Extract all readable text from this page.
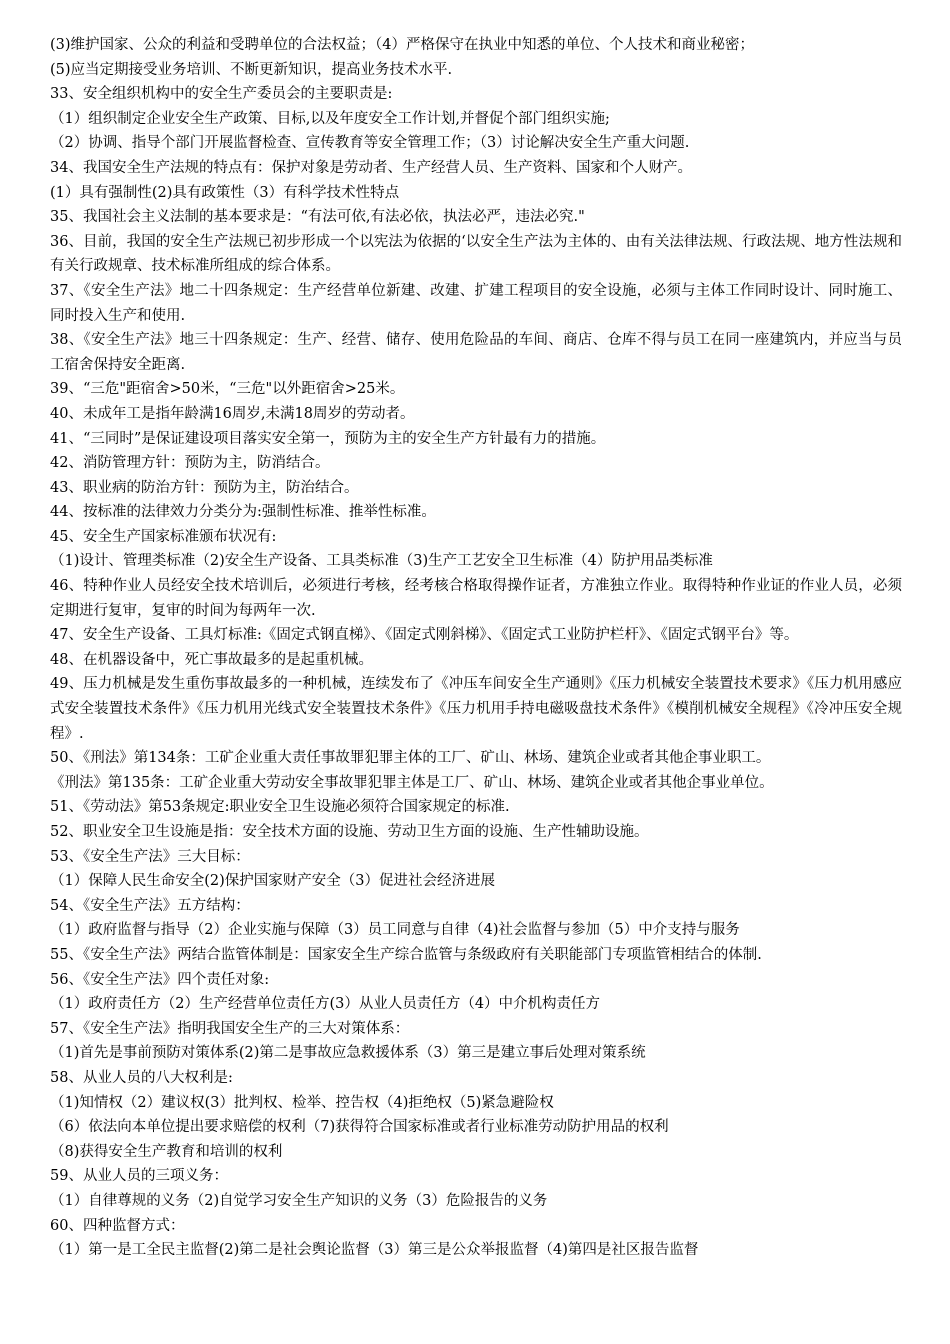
(3)维护国家、公众的利益和受聘单位的合法权益；（4）严格保守在执业中知悉的单位、个人技术和商业秘密；
(5)应当定期接受业务培训、不断更新知识，提高业务技术水平.
33、安全组织机构中的安全生产委员会的主要职责是:
（1）组织制定企业安全生产政策、目标,以及年度安全工作计划,并督促个部门组织实施;
（2）协调、指导个部门开展监督检查、宣传教育等安全管理工作；（3）讨论解决安全生产重大问题.
34、我国安全生产法规的特点有：保护对象是劳动者、生产经营人员、生产资料、国家和个人财产。
(1）具有强制性(2)具有政策性（3）有科学技术性特点
35、我国社会主义法制的基本要求是：“有法可依,有法必依，执法必严，违法必究."
36、目前，我国的安全生产法规已初步形成一个以宪法为依据的‘以安全生产法为主体的、由有关法律法规、行政法规、地方性法规和有关行政规章、技术标准所组成的综合体系。
37、《安全生产法》地二十四条规定：生产经营单位新建、改建、扩建工程项目的安全设施，必须与主体工作同时设计、同时施工、同时投入生产和使用.
38、《安全生产法》地三十四条规定：生产、经营、储存、使用危险品的车间、商店、仓库不得与员工在同一座建筑内，并应当与员工宿舍保持安全距离.
39、“三危"距宿舍>50米，“三危"以外距宿舍>25米。
40、未成年工是指年龄满16周岁,未满18周岁的劳动者。
41、“三同时”是保证建设项目落实安全第一，预防为主的安全生产方针最有力的措施。
42、消防管理方针：预防为主，防消结合。
43、职业病的防治方针：预防为主，防治结合。
44、按标准的法律效力分类分为:强制性标准、推举性标准。
45、安全生产国家标准颁布状况有:
（1)设计、管理类标准（2)安全生产设备、工具类标准（3)生产工艺安全卫生标准（4）防护用品类标准
46、特种作业人员经安全技术培训后，必须进行考核，经考核合格取得操作证者，方准独立作业。取得特种作业证的作业人员，必须定期进行复审，复审的时间为每两年一次.
47、安全生产设备、工具灯标准:《固定式钢直梯》、《固定式刚斜梯》、《固定式工业防护栏杆》、《固定式钢平台》等。
48、在机器设备中，死亡事故最多的是起重机械。
49、压力机械是发生重伤事故最多的一种机械，连续发布了《冲压车间安全生产通则》《压力机械安全装置技术要求》《压力机用感应式安全装置技术条件》《压力机用光线式安全装置技术条件》《压力机用手持电磁吸盘技术条件》《模削机械安全规程》《冷冲压安全规程》.
50、《刑法》第134条：工矿企业重大责任事故罪犯罪主体的工厂、矿山、林场、建筑企业或者其他企事业职工。
《刑法》第135条：工矿企业重大劳动安全事故罪犯罪主体是工厂、矿山、林场、建筑企业或者其他企事业单位。
51、《劳动法》第53条规定:职业安全卫生设施必须符合国家规定的标准.
52、职业安全卫生设施是指：安全技术方面的设施、劳动卫生方面的设施、生产性辅助设施。
53、《安全生产法》三大目标：
（1）保障人民生命安全(2)保护国家财产安全（3）促进社会经济进展
54、《安全生产法》五方结构：
（1）政府监督与指导（2）企业实施与保障（3）员工同意与自律（4)社会监督与参加（5）中介支持与服务
55、《安全生产法》两结合监管体制是：国家安全生产综合监管与条级政府有关职能部门专项监管相结合的体制.
56、《安全生产法》四个责任对象:
（1）政府责任方（2）生产经营单位责任方(3）从业人员责任方（4）中介机构责任方
57、《安全生产法》指明我国安全生产的三大对策体系：
（1)首先是事前预防对策体系(2)第二是事故应急救援体系（3）第三是建立事后处理对策系统
58、从业人员的八大权利是:
（1)知情权（2）建议权(3）批判权、检举、控告权（4)拒绝权（5)紧急避险权
（6）依法向本单位提出要求赔偿的权利（7)获得符合国家标准或者行业标准劳动防护用品的权利
（8)获得安全生产教育和培训的权利
59、从业人员的三项义务：
（1）自律尊规的义务（2)自觉学习安全生产知识的义务（3）危险报告的义务
60、四种监督方式：
（1）第一是工全民主监督(2)第二是社会舆论监督（3）第三是公众举报监督（4)第四是社区报告监督
